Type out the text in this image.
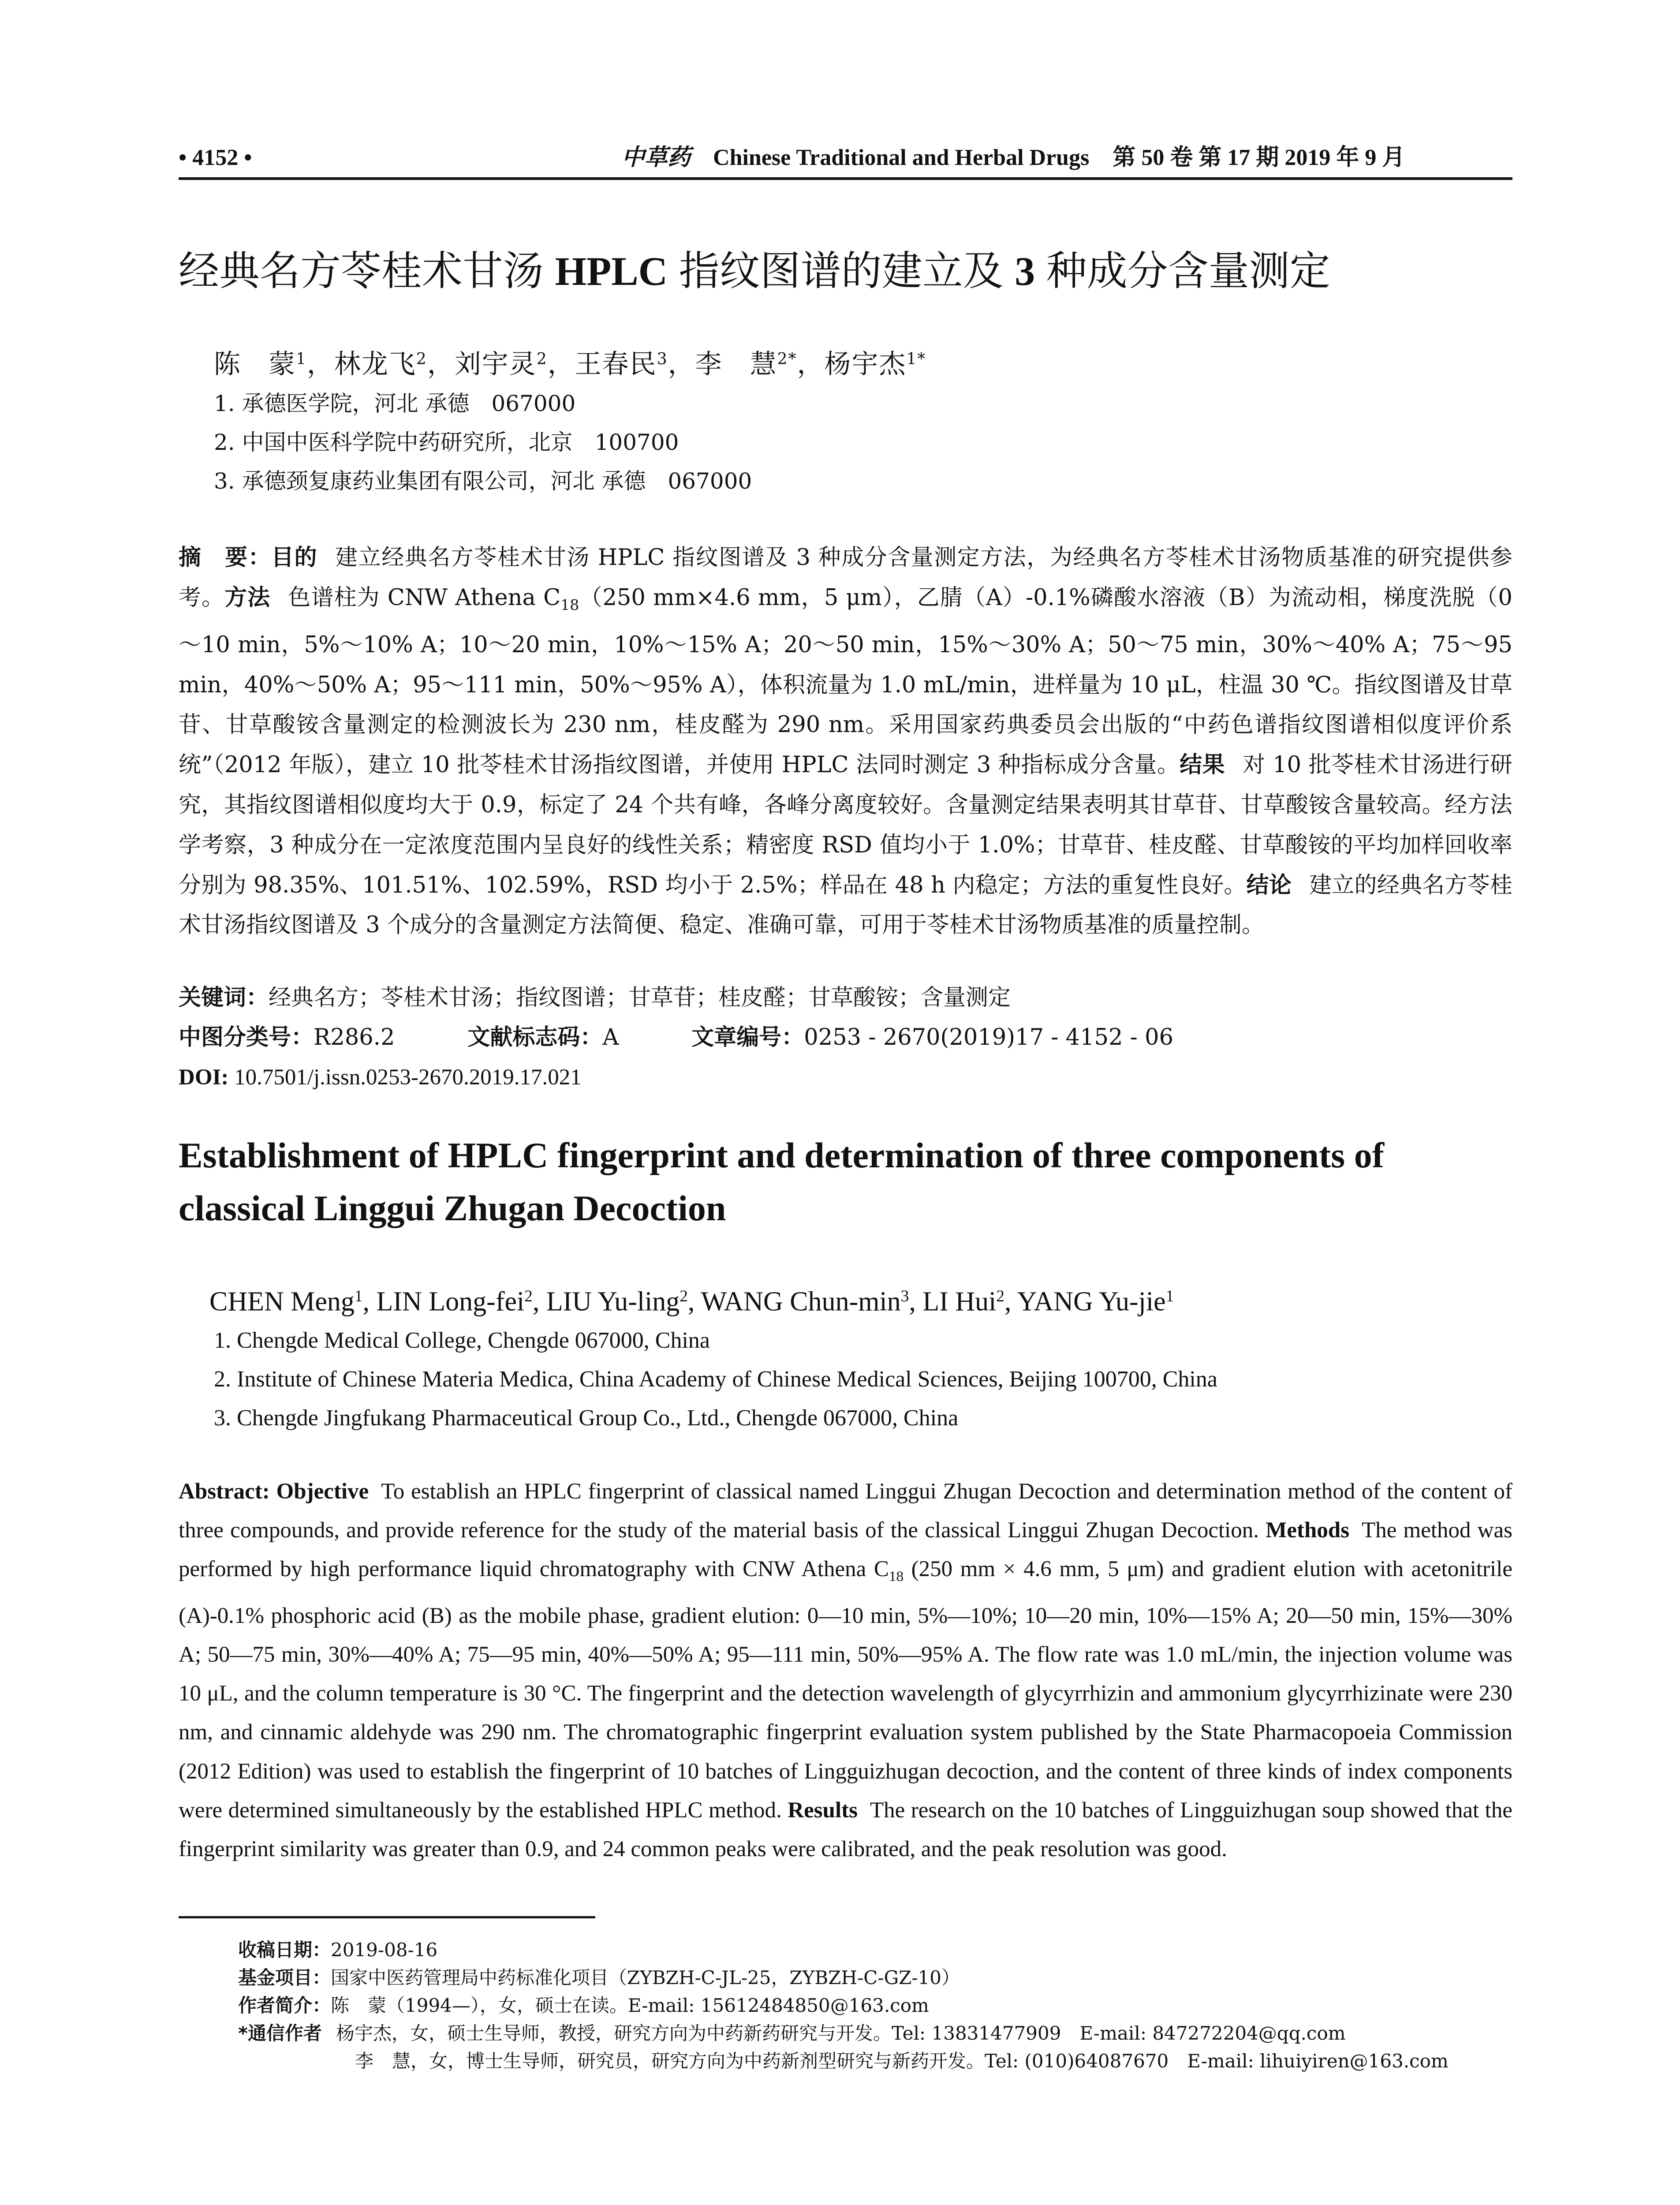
• 4152 •	中草药 Chinese Traditional and Herbal Drugs 第 50 卷 第 17 期 2019 年 9 月
经典名方苓桂术甘汤 HPLC 指纹图谱的建立及 3 种成分含量测定
陈　蒙$^1$，林龙飞$^2$，刘宇灵$^2$，王春民$^3$，李　慧$^{2*}$，杨宇杰$^{1*}$
1. 承德医学院，河北 承德　067000
2. 中国中医科学院中药研究所，北京　100700
3. 承德颈复康药业集团有限公司，河北 承德　067000
摘　要：目的 建立经典名方苓桂术甘汤 HPLC 指纹图谱及 3 种成分含量测定方法，为经典名方苓桂术甘汤物质基准的研究提供参考。方法 色谱柱为 CNW Athena $C_{18}(250$ mm×4.6 mm，5 μm），乙腈（A）-0.1%磷酸水溶液（B）为流动相，梯度洗脱（0～10 min，5%～10% A；10～20 min，10%～15% A；20～50 min，15%～30% A；50～75 min，30%～40% A；75～95 min，40%～50% A；95～111 min，50%～95% A），体积流量为 1.0 mL/min，进样量为 10 μL，柱温 30 ℃。指纹图谱及甘草苷、甘草酸铵含量测定的检测波长为 230 nm，桂皮醛为 290 nm。采用国家药典委员会出版的“中药色谱指纹图谱相似度评价系统”（2012 年版），建立 10 批苓桂术甘汤指纹图谱，并使用 HPLC 法同时测定 3 种指标成分含量。结果 对 10 批苓桂术甘汤进行研究，其指纹图谱相似度均大于 0.9，标定了 24 个共有峰，各峰分离度较好。含量测定结果表明其甘草苷、甘草酸铵含量较高。经方法学考察，3 种成分在一定浓度范围内呈良好的线性关系；精密度 RSD 值均小于 1.0%；甘草苷、桂皮醛、甘草酸铵的平均加样回收率分别为 98.35%、101.51%、102.59%，RSD 均小于 2.5%；样品在 48 h 内稳定；方法的重复性良好。结论 建立的经典名方苓桂术甘汤指纹图谱及 3 个成分的含量测定方法简便、稳定、准确可靠，可用于苓桂术甘汤物质基准的质量控制。
关键词：经典名方；苓桂术甘汤；指纹图谱；甘草苷；桂皮醛；甘草酸铵；含量测定
中图分类号：R286.2	文献标志码：A	文章编号：0253 - 2670(2019)17 - 4152 - 06
DOI: 10.7501/j.issn.0253-2670.2019.17.021
Establishment of HPLC fingerprint and determination of three components of classical Linggui Zhugan Decoction
CHEN Meng$^1$, LIN Long-fei$^2$, LIU Yu-ling$^2$, WANG Chun-$\min^3$, LI Hui$^2$, YANG Yu-jie$^1$
1. Chengde Medical College, Chengde 067000, China
2. Institute of Chinese Materia Medica, China Academy of Chinese Medical Sciences, Beijing 100700, China
3. Chengde Jingfukang Pharmaceutical Group Co., Ltd., Chengde 067000, China
Abstract: Objective To establish an HPLC fingerprint of classical named Linggui Zhugan Decoction and determination method of the content of three compounds, and provide reference for the study of the material basis of the classical Linggui Zhugan Decoction. Methods The method was performed by high performance liquid chromatography with CNW Athena $C_{18}$ (250 mm × 4.6 mm, 5 μm) and gradient elution with acetonitrile (A)-0.1% phosphoric acid (B) as the mobile phase, gradient elution: 0—10 min, 5%—10%; 10—20 min, 10%—15% A; 20—50 min, 15%—30% A; 50—75 min, 30%—40% A; 75—95 min, 40%—50% A; 95—111 min, 50%—95% A. The flow rate was 1.0 mL/min, the injection volume was 10 μL, and the column temperature is 30 °C. The fingerprint and the detection wavelength of glycyrrhizin and ammonium glycyrrhizinate were 230 nm, and cinnamic aldehyde was 290 nm. The chromatographic fingerprint evaluation system published by the State Pharmacopoeia Commission (2012 Edition) was used to establish the fingerprint of 10 batches of Lingguizhugan decoction, and the content of three kinds of index components were determined simultaneously by the established HPLC method. Results The research on the 10 batches of Lingguizhugan soup showed that the fingerprint similarity was greater than 0.9, and 24 common peaks were calibrated, and the peak resolution was good.
收稿日期：2019-08-16
基金项目：国家中医药管理局中药标准化项目（ZYBZH-C-JL-25，ZYBZH-C-GZ-10）
作者简介：陈　蒙（1994—），女，硕士在读。E-mail: 15612484850@163.com
*通信作者 杨宇杰，女，硕士生导师，教授，研究方向为中药新药研究与开发。Tel: 13831477909　E-mail: 847272204@qq.com
李　慧，女，博士生导师，研究员，研究方向为中药新剂型研究与新药开发。Tel: (010)64087670　E-mail: lihuiyiren@163.com
